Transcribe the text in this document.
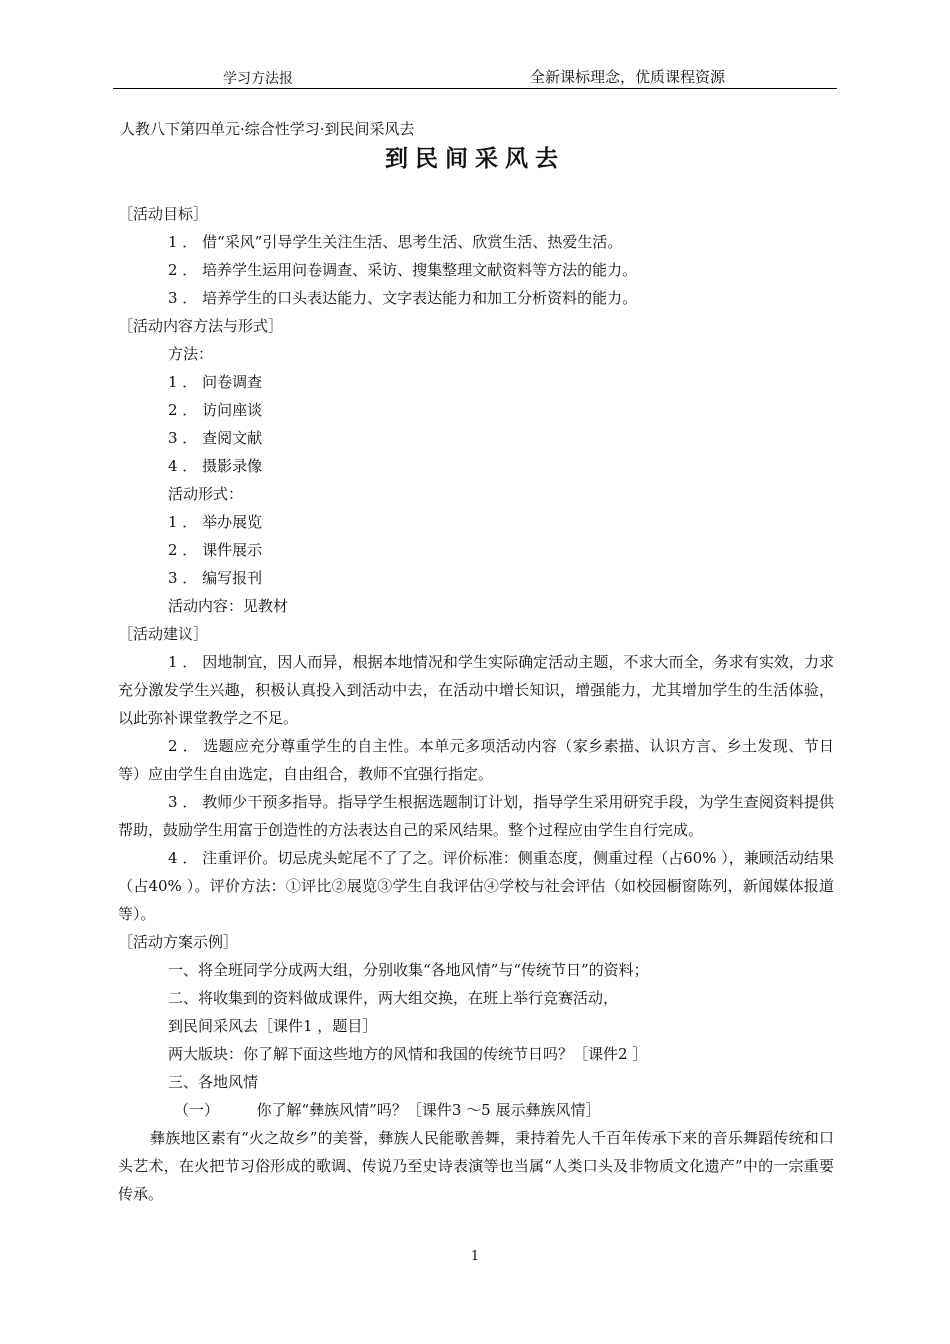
学习方法报	全新课标理念，优质课程资源
人教八下第四单元·综合性学习·到民间采风去
到民间采风去

［活动目标］

1 ． 借“采风”引导学生关注生活、思考生活、欣赏生活、热爱生活。

2 ． 培养学生运用问卷调查、采访、搜集整理文献资料等方法的能力。

3 ． 培养学生的口头表达能力、文字表达能力和加工分析资料的能力。

［活动内容方法与形式］

方法：

1 ． 问卷调查

2 ． 访问座谈

3 ． 查阅文献

4 ． 摄影录像

活动形式：

1 ． 举办展览

2 ． 课件展示

3 ． 编写报刊

活动内容：见教材

［活动建议］

1 ． 因地制宜，因人而异，根据本地情况和学生实际确定活动主题，不求大而全，务求有实效，力求充分激发学生兴趣，积极认真投入到活动中去，在活动中增长知识，增强能力，尤其增加学生的生活体验，以此弥补课堂教学之不足。

2 ． 选题应充分尊重学生的自主性。本单元多项活动内容（家乡素描、认识方言、乡土发现、节日等）应由学生自由选定，自由组合，教师不宜强行指定。

3 ． 教师少干预多指导。指导学生根据选题制订计划，指导学生采用研究手段，为学生查阅资料提供帮助，鼓励学生用富于创造性的方法表达自己的采风结果。整个过程应由学生自行完成。

4 ． 注重评价。切忌虎头蛇尾不了了之。评价标准：侧重态度，侧重过程（占60% ），兼顾活动结果（占40% ）。评价方法：①评比②展览③学生自我评估④学校与社会评估（如校园橱窗陈列，新闻媒体报道等）。

［活动方案示例］

一、将全班同学分成两大组，分别收集“各地风情”与“传统节日”的资料；

二、将收集到的资料做成课件，两大组交换，在班上举行竞赛活动，

到民间采风去［课件1 ，题目］

两大版块：你了解下面这些地方的风情和我国的传统节日吗？［课件2 ］

三、各地风情

（一）　　　你了解“彝族风情”吗？［课件3 ～5 展示彝族风情］

彝族地区素有“火之故乡”的美誉，彝族人民能歌善舞，秉持着先人千百年传承下来的音乐舞蹈传统和口头艺术，在火把节习俗形成的歌调、传说乃至史诗表演等也当属“人类口头及非物质文化遗产”中的一宗重要传承。

1
